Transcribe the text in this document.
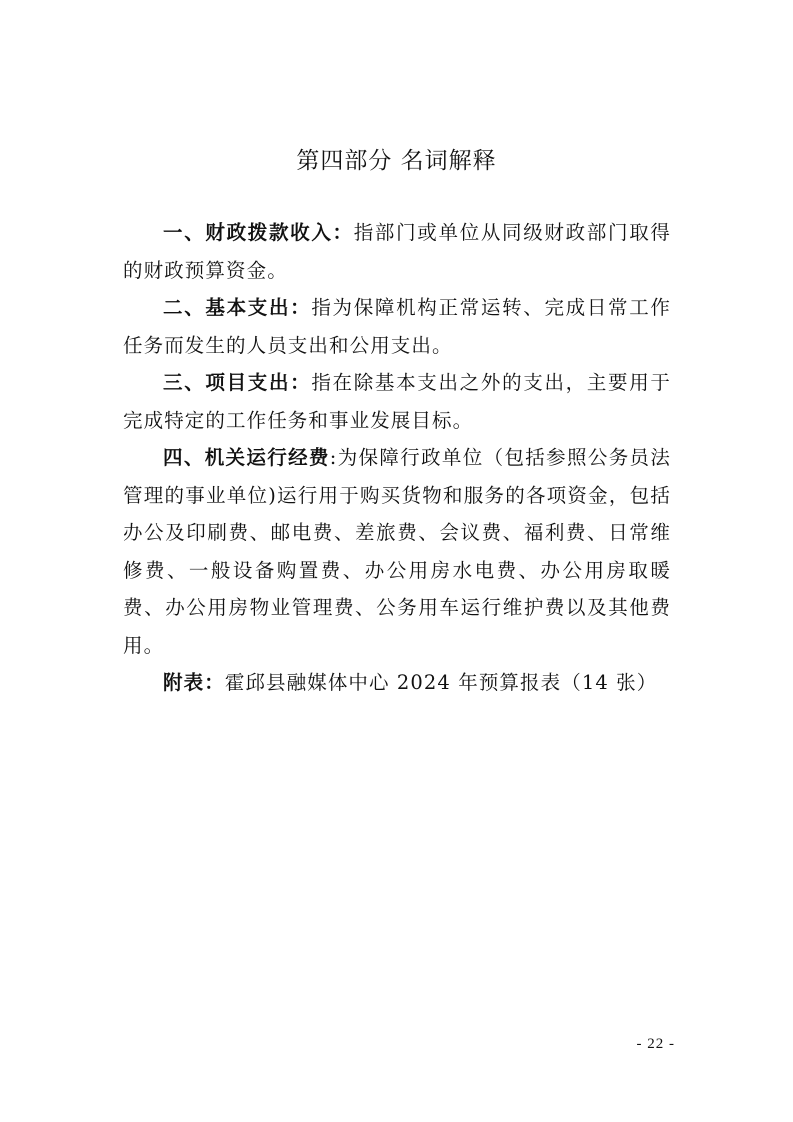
第四部分 名词解释

一、财政拨款收入：指部门或单位从同级财政部门取得的财政预算资金。

二、基本支出：指为保障机构正常运转、完成日常工作任务而发生的人员支出和公用支出。

三、项目支出：指在除基本支出之外的支出，主要用于完成特定的工作任务和事业发展目标。

四、机关运行经费:为保障行政单位（包括参照公务员法管理的事业单位)运行用于购买货物和服务的各项资金，包括办公及印刷费、邮电费、差旅费、会议费、福利费、日常维修费、一般设备购置费、办公用房水电费、办公用房取暖费、办公用房物业管理费、公务用车运行维护费以及其他费用。

附表：霍邱县融媒体中心 2024 年预算报表（14 张）

- 22 -
